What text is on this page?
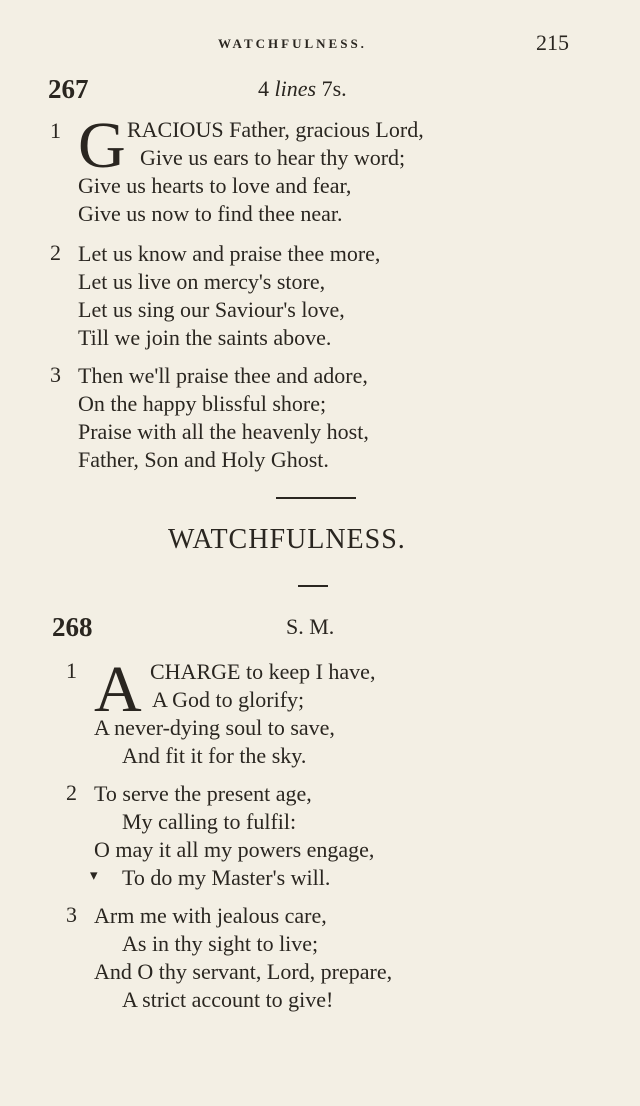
WATCHFULNESS.	215
267	4 lines 7s.
1 G RACIOUS Father, gracious Lord,
Give us ears to hear thy word;
Give us hearts to love and fear,
Give us now to find thee near.
2 Let us know and praise thee more,
Let us live on mercy's store,
Let us sing our Saviour's love,
Till we join the saints above.
3 Then we'll praise thee and adore,
On the happy blissful shore;
Praise with all the heavenly host,
Father, Son and Holy Ghost.
WATCHFULNESS.
268	S. M.
1 A CHARGE to keep I have,
A God to glorify;
A never-dying soul to save,
And fit it for the sky.
2 To serve the present age,
My calling to fulfil:
O may it all my powers engage,
▾ To do my Master's will.
3 Arm me with jealous care,
As in thy sight to live;
And O thy servant, Lord, prepare,
A strict account to give!
